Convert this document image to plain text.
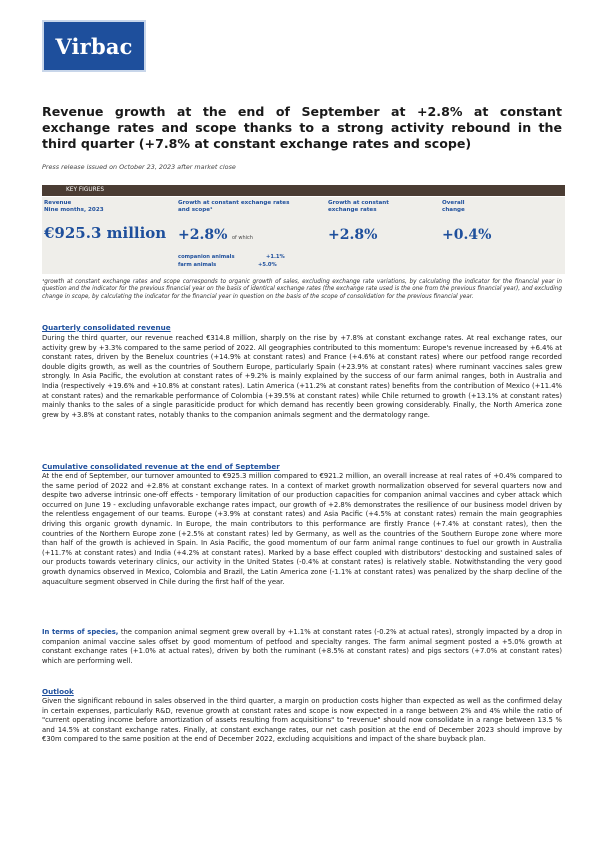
Virbac
Revenue growth at the end of September at +2.8% at constant exchange rates and scope thanks to a strong activity rebound in the third quarter (+7.8% at constant exchange rates and scope)
Press release issued on October 23, 2023 after market close
KEY FIGURES
Revenue
Nine months, 2023
€925.3 million
Growth at constant exchange rates
and scope¹
+2.8% of which
companion animals	+1.1%
farm animals	+5.0%
Growth at constant
exchange rates
+2.8%
Overall
change
+0.4%
¹growth at constant exchange rates and scope corresponds to organic growth of sales, excluding exchange rate variations, by calculating the indicator for the financial year in question and the indicator for the previous financial year on the basis of identical exchange rates (the exchange rate used is the one from the previous financial year), and excluding change in scope, by calculating the indicator for the financial year in question on the basis of the scope of consolidation for the previous financial year.
Quarterly consolidated revenue

During the third quarter, our revenue reached €314.8 million, sharply on the rise by +7.8% at constant exchange rates. At real exchange rates, our activity grew by +3.3% compared to the same period of 2022. All geographies contributed to this momentum: Europe's revenue increased by +6.4% at constant rates, driven by the Benelux countries (+14.9% at constant rates) and France (+4.6% at constant rates) where our petfood range recorded double digits growth, as well as the countries of Southern Europe, particularly Spain (+23.9% at constant rates) where ruminant vaccines sales grew strongly. In Asia Pacific, the evolution at constant rates of +9.2% is mainly explained by the success of our farm animal ranges, both in Australia and India (respectively +19.6% and +10.8% at constant rates). Latin America (+11.2% at constant rates) benefits from the contribution of Mexico (+11.4% at constant rates) and the remarkable performance of Colombia (+39.5% at constant rates) while Chile returned to growth (+13.1% at constant rates) mainly thanks to the sales of a single parasiticide product for which demand has recently been growing considerably. Finally, the North America zone grew by +3.8% at constant rates, notably thanks to the companion animals segment and the dermatology range.

Cumulative consolidated revenue at the end of September

At the end of September, our turnover amounted to €925.3 million compared to €921.2 million, an overall increase at real rates of +0.4% compared to the same period of 2022 and +2.8% at constant exchange rates. In a context of market growth normalization observed for several quarters now and despite two adverse intrinsic one-off effects - temporary limitation of our production capacities for companion animal vaccines and cyber attack which occurred on June 19 - excluding unfavorable exchange rates impact, our growth of +2.8% demonstrates the resilience of our business model driven by the relentless engagement of our teams. Europe (+3.9% at constant rates) and Asia Pacific (+4.5% at constant rates) remain the main geographies driving this organic growth dynamic. In Europe, the main contributors to this performance are firstly France (+7.4% at constant rates), then the countries of the Northern Europe zone (+2.5% at constant rates) led by Germany, as well as the countries of the Southern Europe zone where more than half of the growth is achieved in Spain. In Asia Pacific, the good momentum of our farm animal range continues to fuel our growth in Australia (+11.7% at constant rates) and India (+4.2% at constant rates). Marked by a base effect coupled with distributors' destocking and sustained sales of our products towards veterinary clinics, our activity in the United States (-0.4% at constant rates) is relatively stable. Notwithstanding the very good growth dynamics observed in Mexico, Colombia and Brazil, the Latin America zone (-1.1% at constant rates) was penalized by the sharp decline of the aquaculture segment observed in Chile during the first half of the year.

In terms of species, the companion animal segment grew overall by +1.1% at constant rates (-0.2% at actual rates), strongly impacted by a drop in companion animal vaccine sales offset by good momentum of petfood and specialty ranges. The farm animal segment posted a +5.0% growth at constant exchange rates (+1.0% at actual rates), driven by both the ruminant (+8.5% at constant rates) and pigs sectors (+7.0% at constant rates) which are performing well.

Outlook

Given the significant rebound in sales observed in the third quarter, a margin on production costs higher than expected as well as the confirmed delay in certain expenses, particularly R&D, revenue growth at constant rates and scope is now expected in a range between 2% and 4% while the ratio of "current operating income before amortization of assets resulting from acquisitions" to "revenue" should now consolidate in a range between 13.5 % and 14.5% at constant exchange rates. Finally, at constant exchange rates, our net cash position at the end of December 2023 should improve by €30m compared to the same position at the end of December 2022, excluding acquisitions and impact of the share buyback plan.
